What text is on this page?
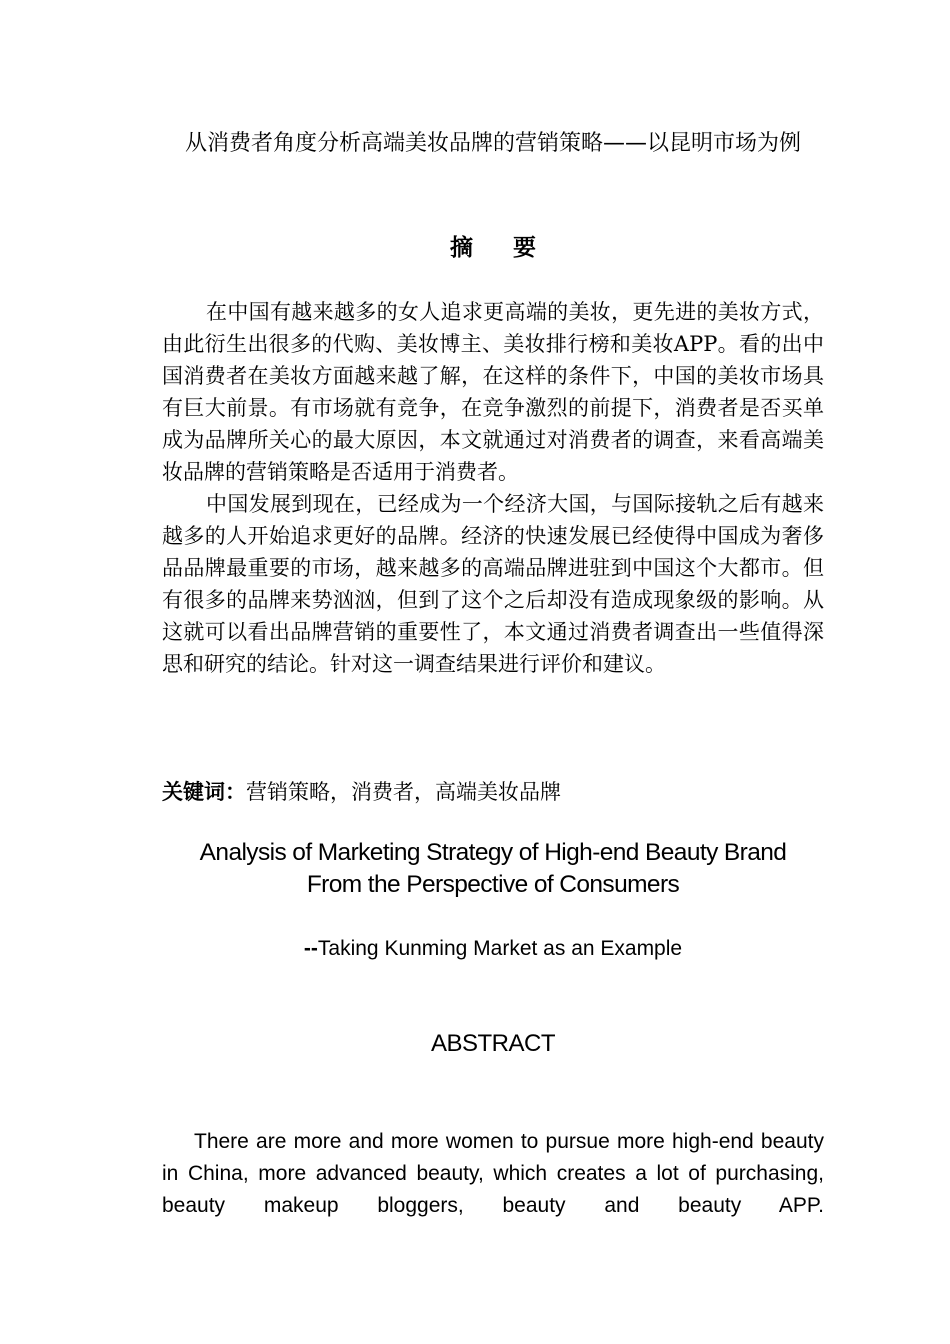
从消费者角度分析高端美妆品牌的营销策略——以昆明市场为例
摘要

在中国有越来越多的女人追求更高端的美妆，更先进的美妆方式，由此衍生出很多的代购、美妆博主、美妆排行榜和美妆APP。看的出中国消费者在美妆方面越来越了解，在这样的条件下，中国的美妆市场具有巨大前景。有市场就有竞争，在竞争激烈的前提下，消费者是否买单成为品牌所关心的最大原因，本文就通过对消费者的调查，来看高端美妆品牌的营销策略是否适用于消费者。

中国发展到现在，已经成为一个经济大国，与国际接轨之后有越来越多的人开始追求更好的品牌。经济的快速发展已经使得中国成为奢侈品品牌最重要的市场，越来越多的高端品牌进驻到中国这个大都市。但有很多的品牌来势汹汹，但到了这个之后却没有造成现象级的影响。从这就可以看出品牌营销的重要性了，本文通过消费者调查出一些值得深思和研究的结论。针对这一调查结果进行评价和建议。

关键词：营销策略，消费者，高端美妆品牌
Analysis of Marketing Strategy of High-end Beauty Brand
From the Perspective of Consumers
--Taking Kunming Market as an Example
ABSTRACT

There are more and more women to pursue more high-end beauty in China, more advanced beauty, which creates a lot of purchasing, beauty makeup bloggers, beauty and beauty APP.
